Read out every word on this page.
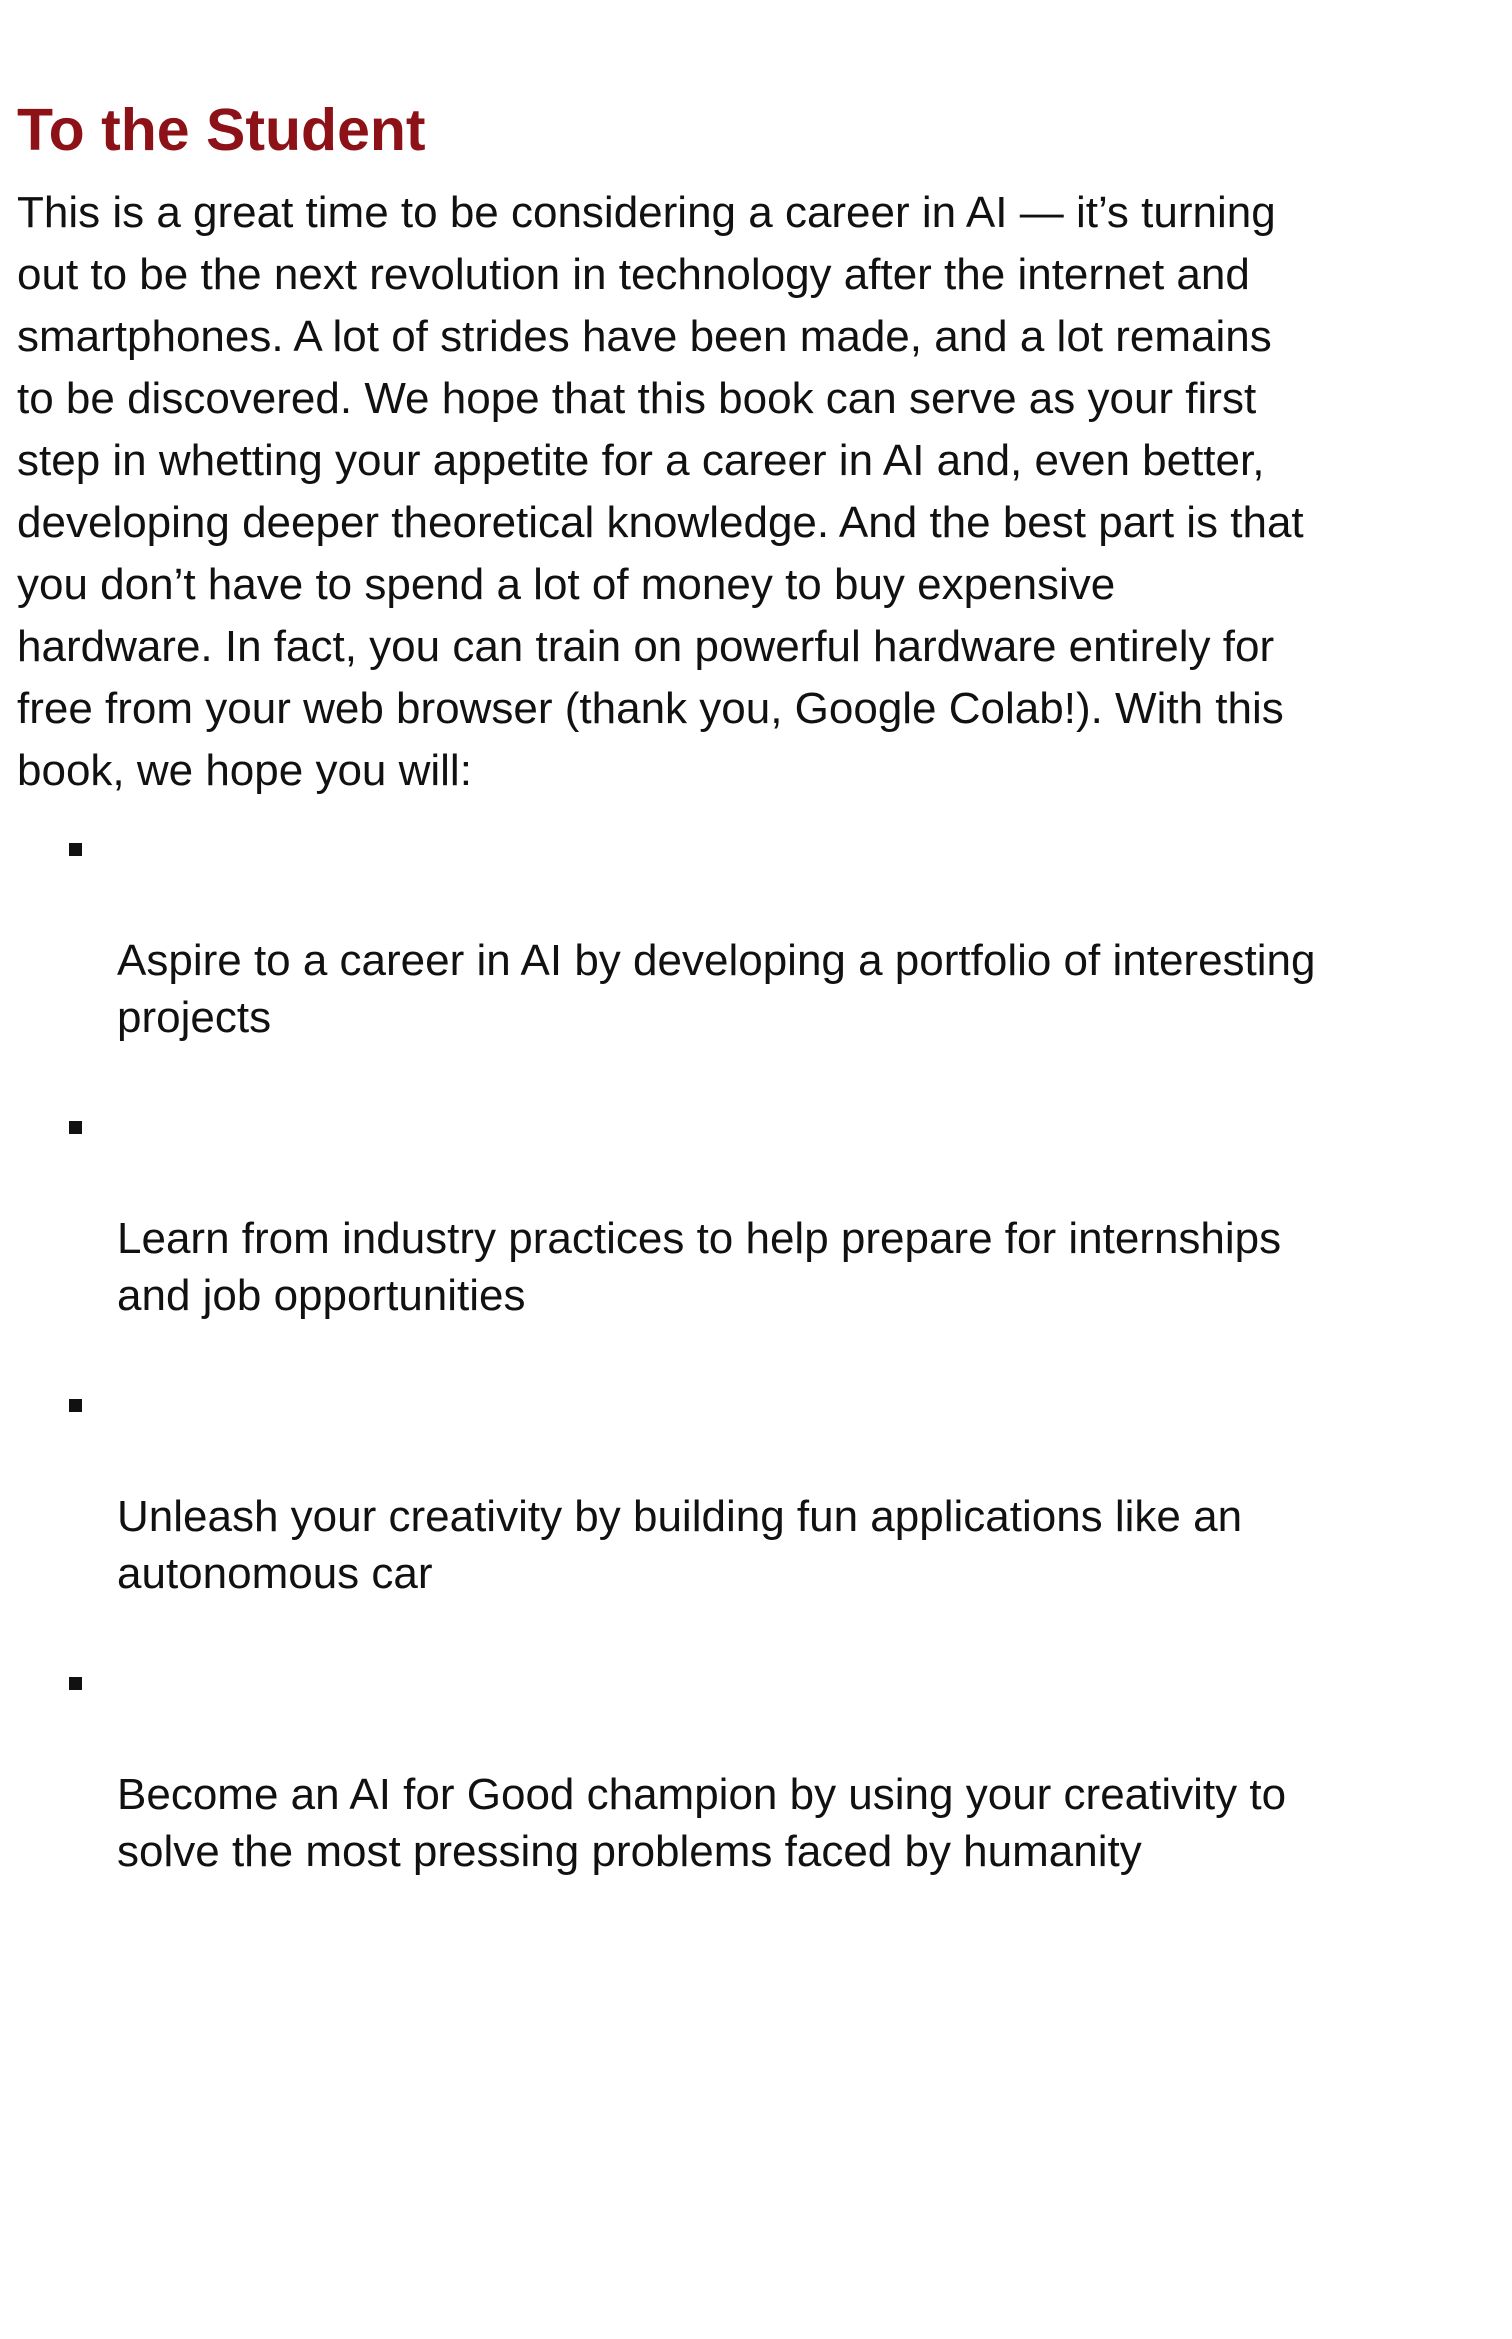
To the Student

This is a great time to be considering a career in AI — it’s turning
out to be the next revolution in technology after the internet and
smartphones. A lot of strides have been made, and a lot remains
to be discovered. We hope that this book can serve as your first
step in whetting your appetite for a career in AI and, even better,
developing deeper theoretical knowledge. And the best part is that
you don’t have to spend a lot of money to buy expensive
hardware. In fact, you can train on powerful hardware entirely for
free from your web browser (thank you, Google Colab!). With this
book, we hope you will:

Aspire to a career in AI by developing a portfolio of interesting
projects

Learn from industry practices to help prepare for internships
and job opportunities

Unleash your creativity by building fun applications like an
autonomous car

Become an AI for Good champion by using your creativity to
solve the most pressing problems faced by humanity
